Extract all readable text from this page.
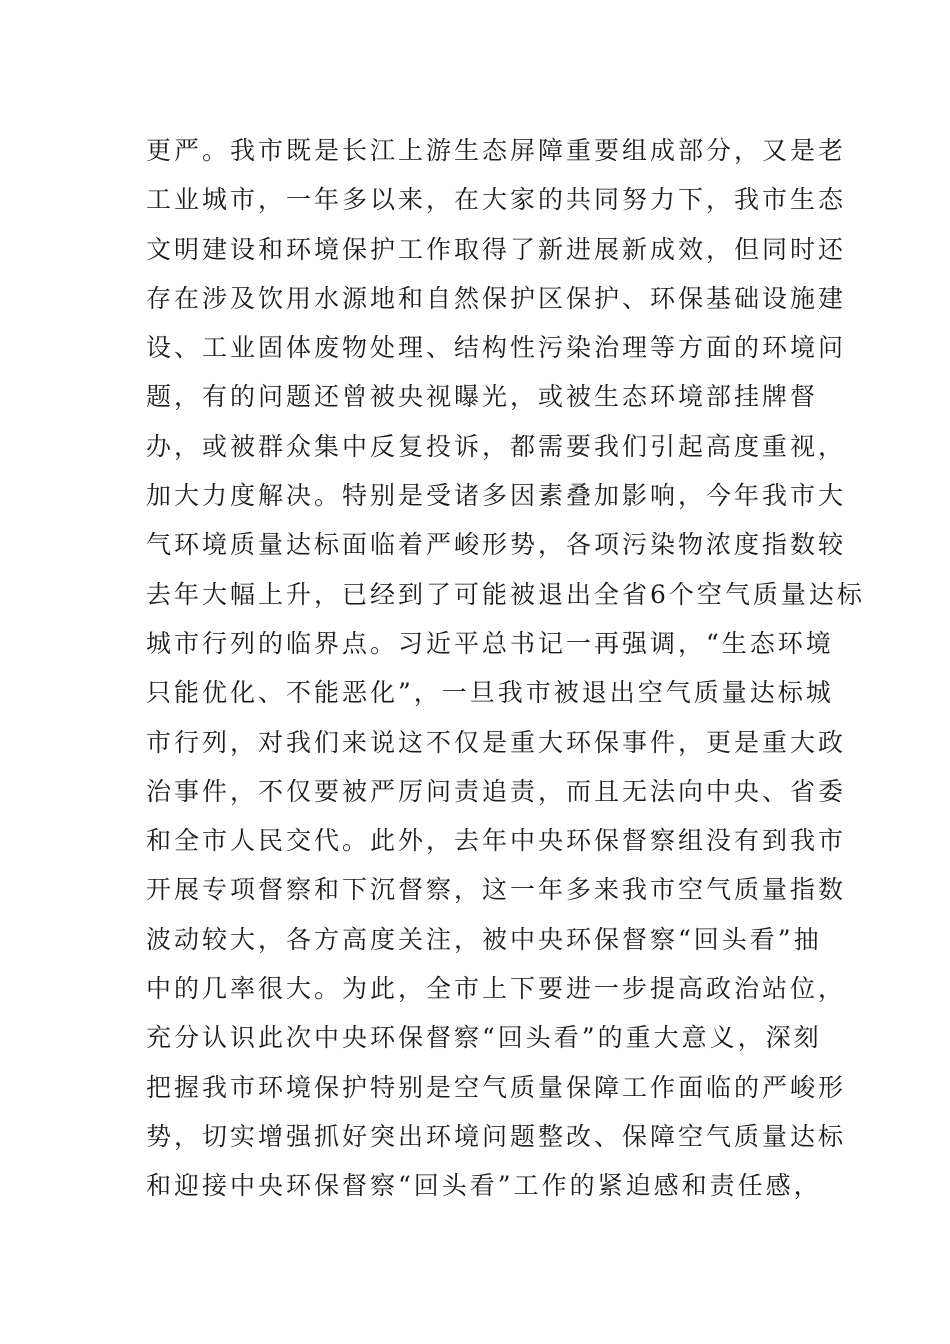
更严。我市既是长江上游生态屏障重要组成部分，又是老
工业城市，一年多以来，在大家的共同努力下，我市生态
文明建设和环境保护工作取得了新进展新成效，但同时还
存在涉及饮用水源地和自然保护区保护、环保基础设施建
设、工业固体废物处理、结构性污染治理等方面的环境问
题，有的问题还曾被央视曝光，或被生态环境部挂牌督
办，或被群众集中反复投诉，都需要我们引起高度重视，
加大力度解决。特别是受诸多因素叠加影响，今年我市大
气环境质量达标面临着严峻形势，各项污染物浓度指数较
去年大幅上升，已经到了可能被退出全省6个空气质量达标
城市行列的临界点。习近平总书记一再强调，“生态环境
只能优化、不能恶化”，一旦我市被退出空气质量达标城
市行列，对我们来说这不仅是重大环保事件，更是重大政
治事件，不仅要被严厉问责追责，而且无法向中央、省委
和全市人民交代。此外，去年中央环保督察组没有到我市
开展专项督察和下沉督察，这一年多来我市空气质量指数
波动较大，各方高度关注，被中央环保督察“回头看”抽
中的几率很大。为此，全市上下要进一步提高政治站位，
充分认识此次中央环保督察“回头看”的重大意义，深刻
把握我市环境保护特别是空气质量保障工作面临的严峻形
势，切实增强抓好突出环境问题整改、保障空气质量达标
和迎接中央环保督察“回头看”工作的紧迫感和责任感，
